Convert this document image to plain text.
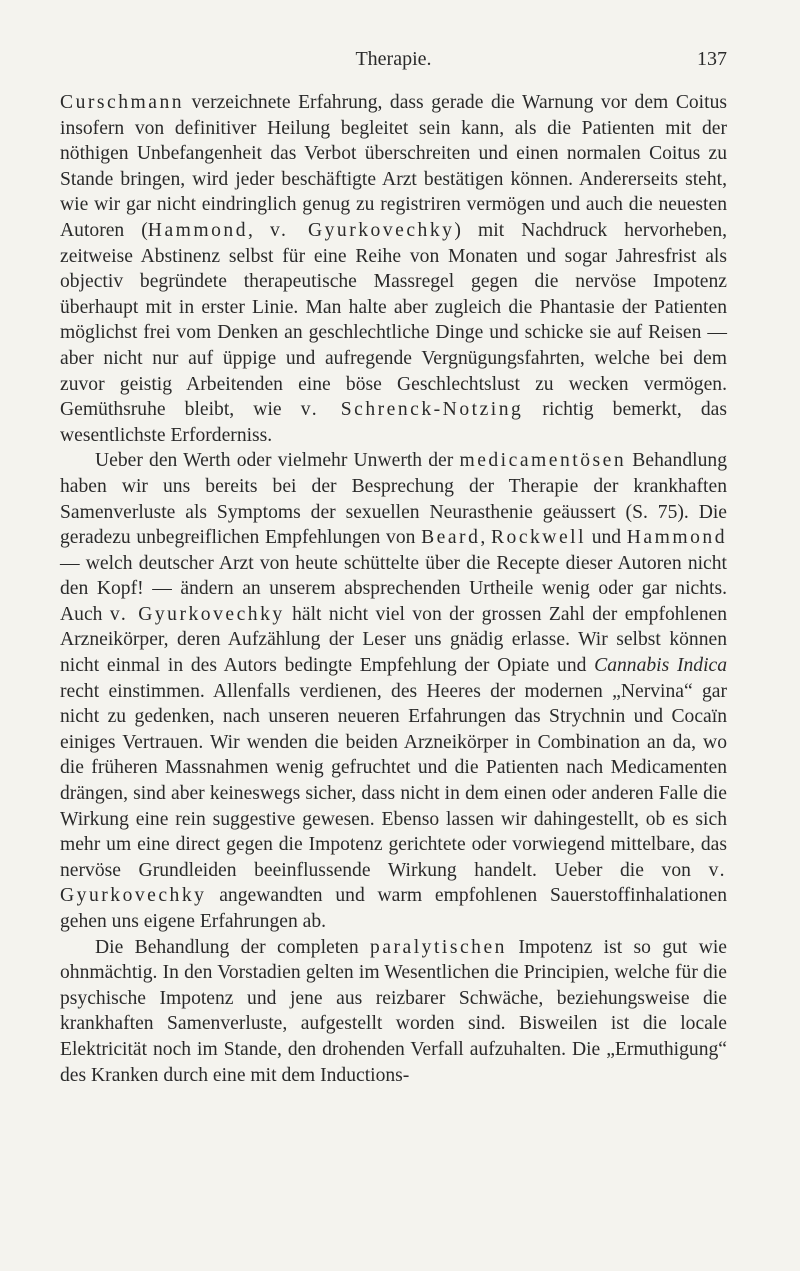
Therapie.	137

Curschmann verzeichnete Erfahrung, dass gerade die Warnung vor dem Coitus insofern von definitiver Heilung begleitet sein kann, als die Patienten mit der nöthigen Unbefangenheit das Verbot überschreiten und einen normalen Coitus zu Stande bringen, wird jeder beschäftigte Arzt bestätigen können. Andererseits steht, wie wir gar nicht eindringlich genug zu registriren vermögen und auch die neuesten Autoren (Hammond, v. Gyurkovechky) mit Nachdruck hervorheben, zeitweise Abstinenz selbst für eine Reihe von Monaten und sogar Jahresfrist als objectiv begründete therapeutische Massregel gegen die nervöse Impotenz überhaupt mit in erster Linie. Man halte aber zugleich die Phantasie der Patienten möglichst frei vom Denken an geschlechtliche Dinge und schicke sie auf Reisen — aber nicht nur auf üppige und aufregende Vergnügungsfahrten, welche bei dem zuvor geistig Arbeitenden eine böse Geschlechtslust zu wecken vermögen. Gemüthsruhe bleibt, wie v. Schrenck-Notzing richtig bemerkt, das wesentlichste Erforderniss.

Ueber den Werth oder vielmehr Unwerth der medicamentösen Behandlung haben wir uns bereits bei der Besprechung der Therapie der krankhaften Samenverluste als Symptoms der sexuellen Neurasthenie geäussert (S. 75). Die geradezu unbegreiflichen Empfehlungen von Beard, Rockwell und Hammond — welch deutscher Arzt von heute schüttelte über die Recepte dieser Autoren nicht den Kopf! — ändern an unserem absprechenden Urtheile wenig oder gar nichts. Auch v. Gyurkovechky hält nicht viel von der grossen Zahl der empfohlenen Arzneikörper, deren Aufzählung der Leser uns gnädig erlasse. Wir selbst können nicht einmal in des Autors bedingte Empfehlung der Opiate und Cannabis Indica recht einstimmen. Allenfalls verdienen, des Heeres der modernen „Nervina“ gar nicht zu gedenken, nach unseren neueren Erfahrungen das Strychnin und Cocaïn einiges Vertrauen. Wir wenden die beiden Arzneikörper in Combination an da, wo die früheren Massnahmen wenig gefruchtet und die Patienten nach Medicamenten drängen, sind aber keineswegs sicher, dass nicht in dem einen oder anderen Falle die Wirkung eine rein suggestive gewesen. Ebenso lassen wir dahingestellt, ob es sich mehr um eine direct gegen die Impotenz gerichtete oder vorwiegend mittelbare, das nervöse Grundleiden beeinflussende Wirkung handelt. Ueber die von v. Gyurkovechky angewandten und warm empfohlenen Sauerstoffinhalationen gehen uns eigene Erfahrungen ab.

Die Behandlung der completen paralytischen Impotenz ist so gut wie ohnmächtig. In den Vorstadien gelten im Wesentlichen die Principien, welche für die psychische Impotenz und jene aus reizbarer Schwäche, beziehungsweise die krankhaften Samenverluste, aufgestellt worden sind. Bisweilen ist die locale Elektricität noch im Stande, den drohenden Verfall aufzuhalten. Die „Ermuthigung“ des Kranken durch eine mit dem Inductions-
